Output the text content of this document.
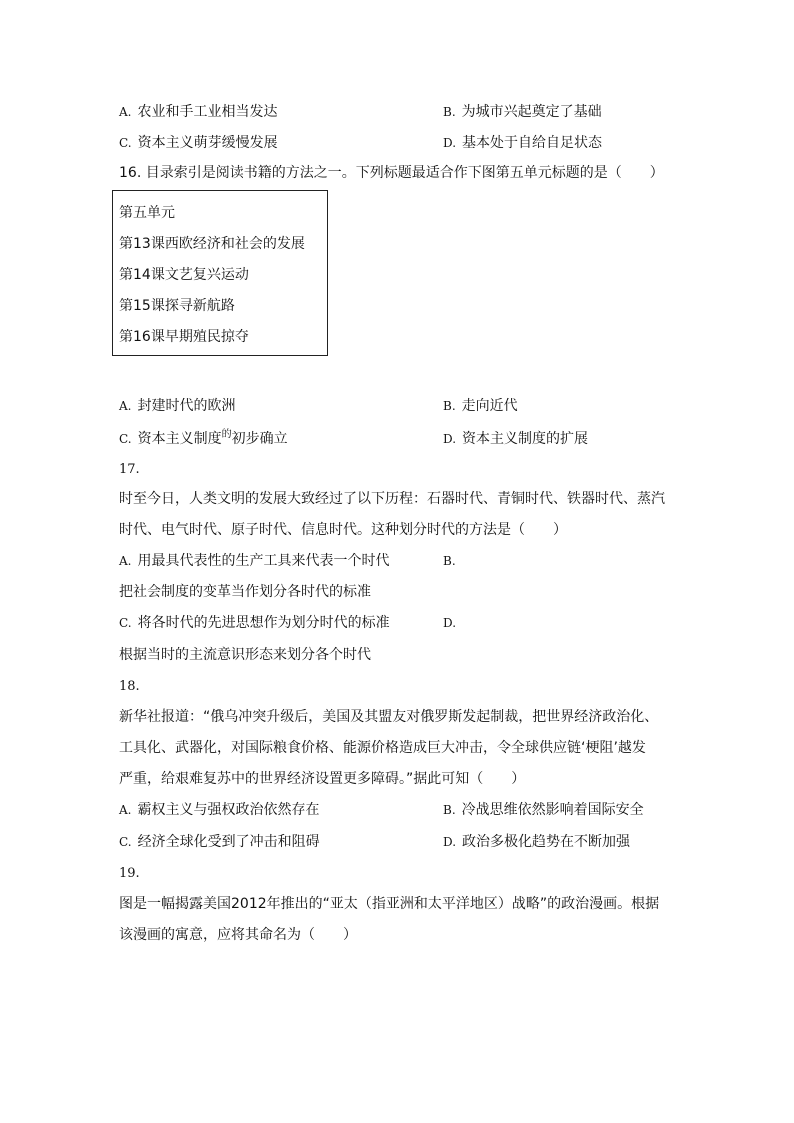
A. 农业和手工业相当发达	B. 为城市兴起奠定了基础
C. 资本主义萌芽缓慢发展	D. 基本处于自给自足状态
16. 目录索引是阅读书籍的方法之一。下列标题最适合作下图第五单元标题的是（　　）
第五单元
第13课西欧经济和社会的发展
第14课文艺复兴运动
第15课探寻新航路
第16课早期殖民掠夺
A. 封建时代的欧洲	B. 走向近代
C. 资本主义制度$^的$初步确立	D. 资本主义制度的扩展
17.
时至今日，人类文明的发展大致经过了以下历程：石器时代、青铜时代、铁器时代、蒸汽
时代、电气时代、原子时代、信息时代。这种划分时代的方法是（　　）
A. 用最具代表性的生产工具来代表一个时代	B.
把社会制度的变革当作划分各时代的标准
C. 将各时代的先进思想作为划分时代的标准	D.
根据当时的主流意识形态来划分各个时代
18.
新华社报道：“俄乌冲突升级后，美国及其盟友对俄罗斯发起制裁，把世界经济政治化、
工具化、武器化，对国际粮食价格、能源价格造成巨大冲击，令全球供应链‘梗阻’越发
严重，给艰难复苏中的世界经济设置更多障碍。”据此可知（　　）
A. 霸权主义与强权政治依然存在	B. 冷战思维依然影响着国际安全
C. 经济全球化受到了冲击和阻碍	D. 政治多极化趋势在不断加强
19.
图是一幅揭露美国2012年推出的“亚太（指亚洲和太平洋地区）战略”的政治漫画。根据
该漫画的寓意，应将其命名为（　　）
